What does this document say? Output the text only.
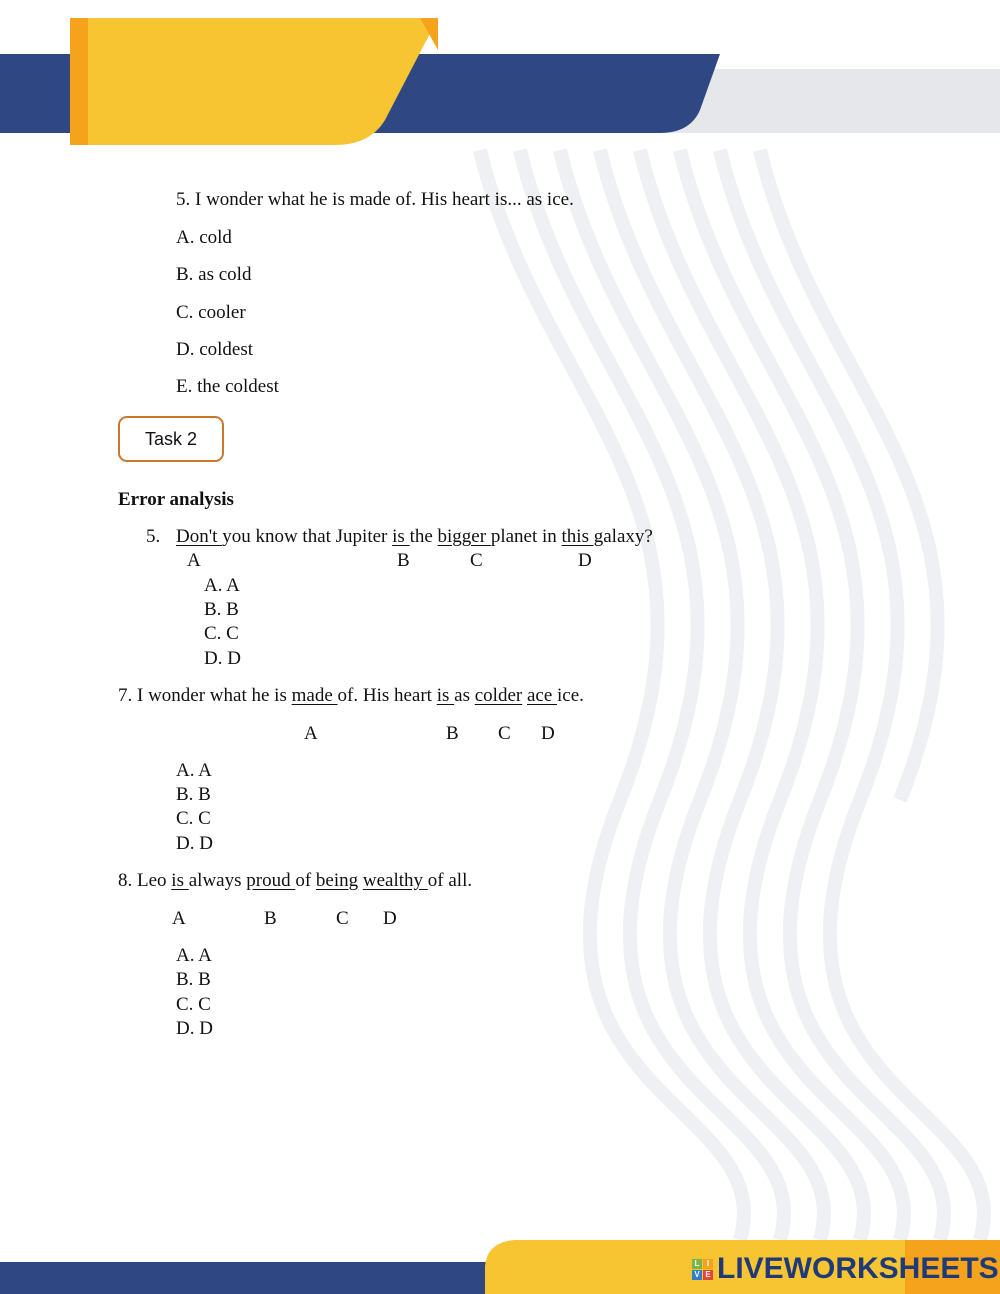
5. I wonder what he is made of. His heart is... as ice.
A. cold
B. as cold
C. cooler
D. coldest
E. the coldest
Task 2
Error analysis
5. Don't you know that Jupiter is the bigger planet in this galaxy?
A	B	C	D
A. A
B. B
C. C
D. D
7. I wonder what he is made of. His heart is as colder ace ice.
A	B C D
A. A
B. B
C. C
D. D
8. Leo is always proud of being wealthy of all.
A	B	C D
A. A
B. B
C. C
D. D
L I
V E LIVEWORKSHEETS
